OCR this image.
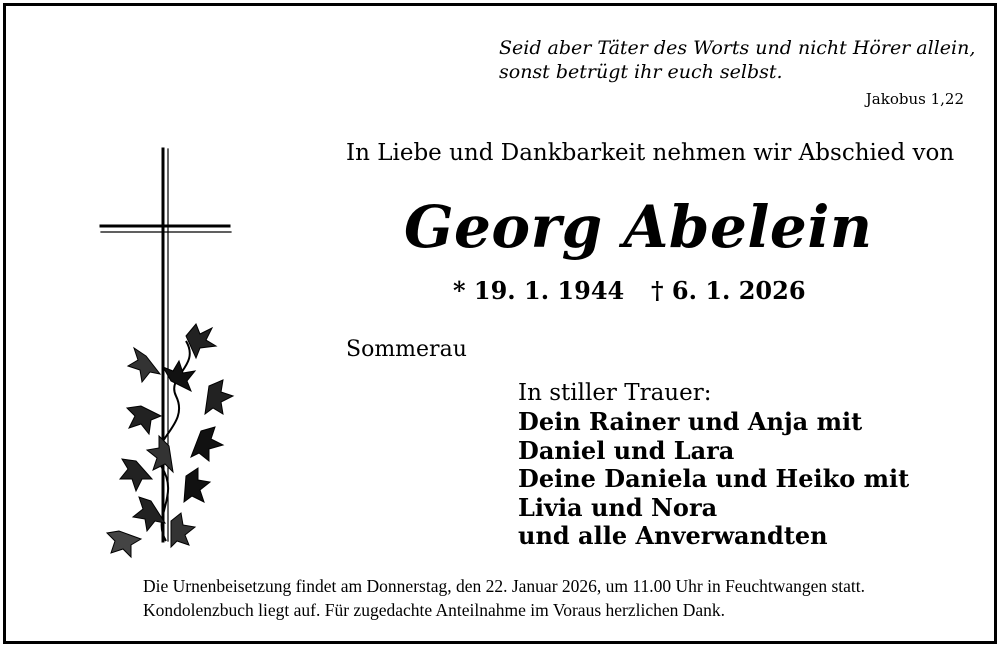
Seid aber Täter des Worts und nicht Hörer allein,
sonst betrügt ihr euch selbst.
Jakobus 1,22
In Liebe und Dankbarkeit nehmen wir Abschied von
Georg Abelein
* 19. 1. 1944 † 6. 1. 2026
Sommerau
In stiller Trauer:
Dein Rainer und Anja mit
Daniel und Lara
Deine Daniela und Heiko mit
Livia und Nora
und alle Anverwandten
Die Urnenbeisetzung findet am Donnerstag, den 22. Januar 2026, um 11.00 Uhr in Feuchtwangen statt.
Kondolenzbuch liegt auf. Für zugedachte Anteilnahme im Voraus herzlichen Dank.
